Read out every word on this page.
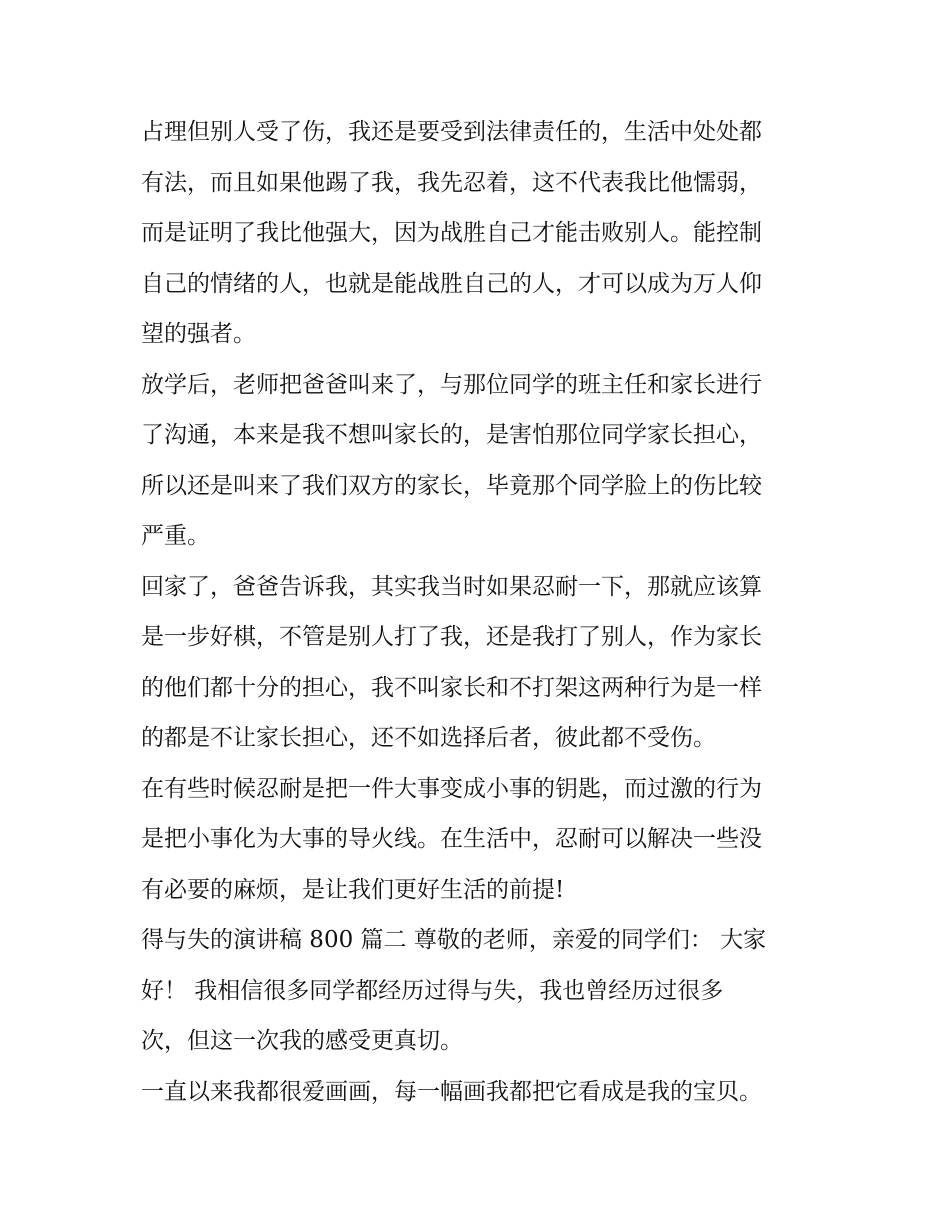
占理但别人受了伤，我还是要受到法律责任的，生活中处处都
有法，而且如果他踢了我，我先忍着，这不代表我比他懦弱，
而是证明了我比他强大，因为战胜自己才能击败别人。能控制
自己的情绪的人，也就是能战胜自己的人，才可以成为万人仰
望的强者。
放学后，老师把爸爸叫来了，与那位同学的班主任和家长进行
了沟通，本来是我不想叫家长的，是害怕那位同学家长担心，
所以还是叫来了我们双方的家长，毕竟那个同学脸上的伤比较
严重。
回家了，爸爸告诉我，其实我当时如果忍耐一下，那就应该算
是一步好棋，不管是别人打了我，还是我打了别人，作为家长
的他们都十分的担心，我不叫家长和不打架这两种行为是一样
的都是不让家长担心，还不如选择后者，彼此都不受伤。
在有些时候忍耐是把一件大事变成小事的钥匙，而过激的行为
是把小事化为大事的导火线。在生活中，忍耐可以解决一些没
有必要的麻烦，是让我们更好生活的前提!
得与失的演讲稿 800 篇二 尊敬的老师，亲爱的同学们： 大家
好！ 我相信很多同学都经历过得与失，我也曾经历过很多
次，但这一次我的感受更真切。
一直以来我都很爱画画，每一幅画我都把它看成是我的宝贝。
